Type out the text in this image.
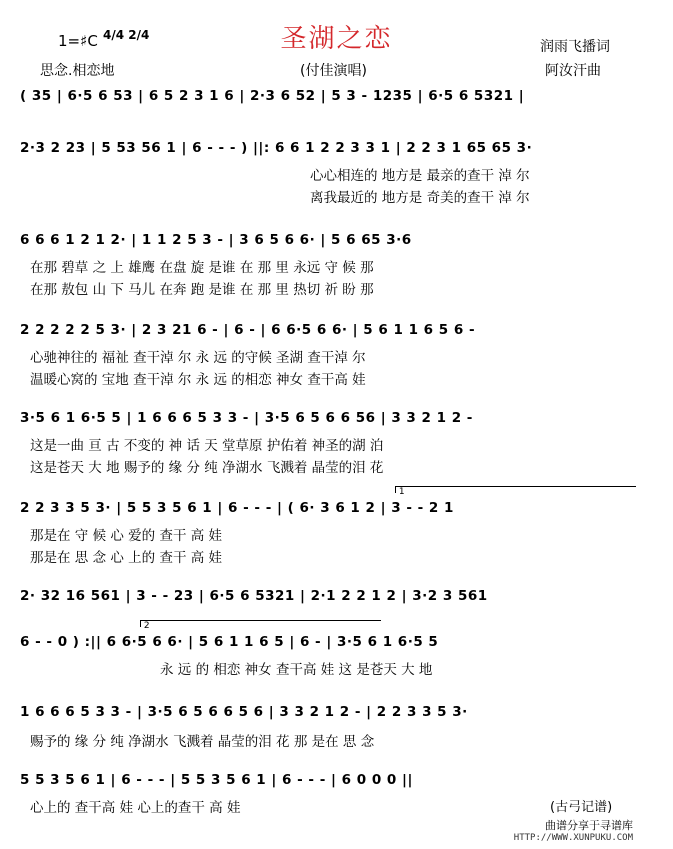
1=♯C 4/4 2/4	圣湖之恋	润雨飞播词
思念.相恋地	(付佳演唱)	阿汝汗曲
( 35 | 6·5 6 53 | 6 5 2 3 1 6 | 2·3 6 52 | 5 3 - 1235 | 6·5 6 5321 |
2·3 2 23 | 5 53 56 1 | 6 - - - ) ||: 6 6 1 2 2 3 3 1 | 2 2 3 1 65 65 3·
心心相连的 地方是 最亲的查干 淖 尔
离我最近的 地方是 奇美的查干 淖 尔
6 6 6 1 2 1 2· | 1 1 2 5 3 - | 3 6 5 6 6· | 5 6 65 3·6
在那 碧草 之 上 雄鹰 在盘 旋 是谁 在 那 里 永远 守 候 那
在那 敖包 山 下 马儿 在奔 跑 是谁 在 那 里 热切 祈 盼 那
2 2 2 2 2 5 3· | 2 3 21 6 - | 6 - | 6 6·5 6 6· | 5 6 1 1 6 5 6 -
心驰神往的 福祉 查干淖 尔 永 远 的守候 圣湖 查干淖 尔
温暖心窝的 宝地 查干淖 尔 永 远 的相恋 神女 查干高 娃
3·5 6 1 6·5 5 | 1 6 6 6 5 3 3 - | 3·5 6 5 6 6 56 | 3 3 2 1 2 -
这是一曲 亘 古 不变的 神 话 天 堂草原 护佑着 神圣的湖 泊
这是苍天 大 地 赐予的 缘 分 纯 净湖水 飞溅着 晶莹的泪 花
1
2 2 3 3 5 3· | 5 5 3 5 6 1 | 6 - - - | ( 6· 3 6 1 2 | 3 - - 2 1
那是在 守 候 心 爱的 查干 高 娃
那是在 思 念 心 上的 查干 高 娃
2· 32 16 561 | 3 - - 23 | 6·5 6 5321 | 2·1 2 2 1 2 | 3·2 3 561
2
6 - - 0 ) :|| 6 6·5 6 6· | 5 6 1 1 6 5 | 6 - | 3·5 6 1 6·5 5
永 远 的 相恋 神女 查干高 娃 这 是苍天 大 地
1 6 6 6 5 3 3 - | 3·5 6 5 6 6 5 6 | 3 3 2 1 2 - | 2 2 3 3 5 3·
赐予的 缘 分 纯 净湖水 飞溅着 晶莹的泪 花 那 是在 思 念
5 5 3 5 6 1 | 6 - - - | 5 5 3 5 6 1 | 6 - - - | 6 0 0 0 ||
心上的 查干高 娃 心上的查干 高 娃	(古弓记谱)
曲谱分享于寻谱库
HTTP://WWW.XUNPUKU.COM
